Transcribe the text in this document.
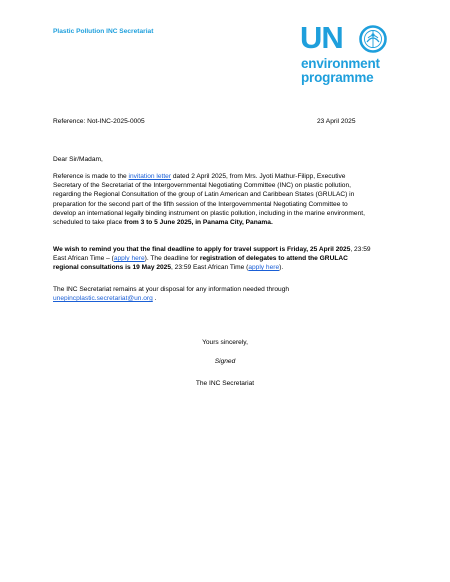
Plastic Pollution INC Secretariat	UN
environment
programme
Reference: Not-INC-2025-0005	23 April 2025
Dear Sir/Madam,
Reference is made to the invitation letter dated 2 April 2025, from Mrs. Jyoti Mathur-Filipp, Executive Secretary of the Secretariat of the Intergovernmental Negotiating Committee (INC) on plastic pollution, regarding the Regional Consultation of the group of Latin American and Caribbean States (GRULAC) in preparation for the second part of the fifth session of the Intergovernmental Negotiating Committee to develop an international legally binding instrument on plastic pollution, including in the marine environment, scheduled to take place from 3 to 5 June 2025, in Panama City, Panama.
We wish to remind you that the final deadline to apply for travel support is Friday, 25 April 2025, 23:59 East African Time – (apply here). The deadline for registration of delegates to attend the GRULAC regional consultations is 19 May 2025, 23:59 East African Time (apply here).
The INC Secretariat remains at your disposal for any information needed through
unepincplastic.secretariat@un.org .
Yours sincerely,
Signed
The INC Secretariat
